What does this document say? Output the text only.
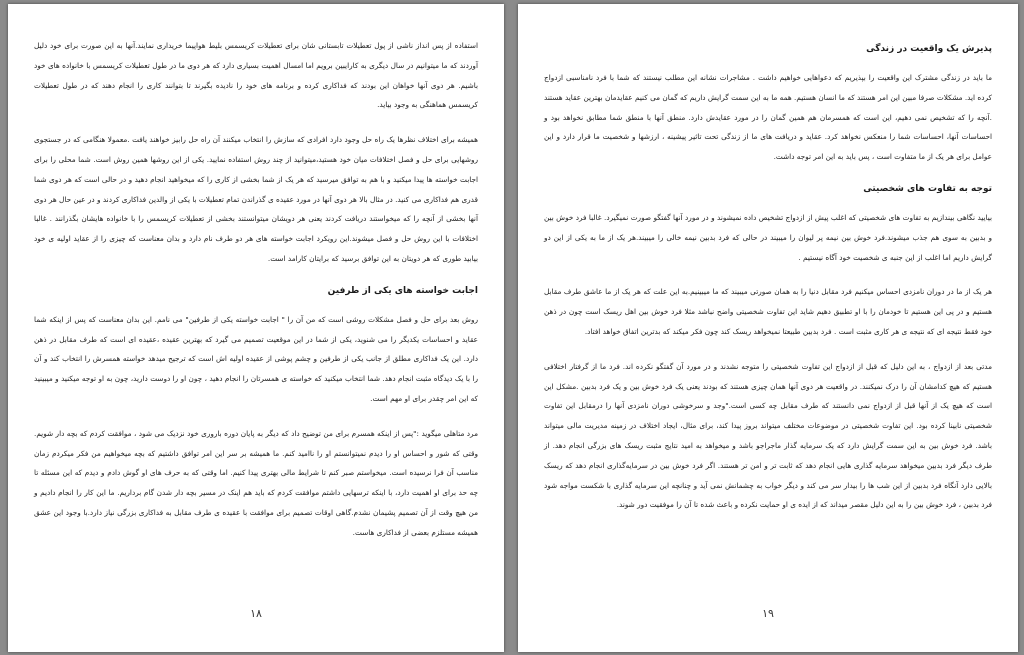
استفاده از پس انداز ناشی از پول تعطیلات تابستانی شان برای تعطیلات کریسمس بلیط هواپیما خریداری نمایند.آنها به این صورت برای خود دلیل آوردند که ما میتوانیم در سال دیگری به کارایبین برویم اما امسال اهمیت بسیاری دارد که هر دوی ما در طول تعطیلات کریسمس با خانواده های خود باشیم. هر دوی آنها خواهان این بودند که فداکاری کرده و برنامه های خود را نادیده بگیرند تا بتوانند کاری را انجام دهند که در طول تعطیلات کریسمس هماهنگی به وجود بیاید.

همیشه برای اختلاف نظرها یک راه حل وجود دارد افرادی که سازش را انتخاب میکنند آن راه حل رابیز خواهند یافت .معمولا هنگامی که در جستجوی روشهایی برای حل و فصل اختلافات میان خود هستید،میتوانید از چند روش استفاده نمایید. یکی از این روشها همین روش است. شما محلی را برای اجابت خواسته ها پیدا میکنید و با هم به توافق میرسید که هر یک از شما بخشی از کاری را که میخواهید انجام دهید و در حالی است که هر دوی شما قدری هم فداکاری می کنید. در مثال بالا هر دوی آنها در مورد عقیده ی گذراندن تمام تعطیلات با یکی از والدین فداکاری کردند و در عین حال هر دوی آنها بخشی از آنچه را که میخواستند دریافت کردند یعنی هر دویشان میتوانستند بخشی از تعطیلات کریسمس را با خانواده هایشان بگذرانند . غالبا اختلافات با این روش حل و فصل میشوند.این رویکرد اجابت خواسته های هر دو طرف نام دارد و بدان معناست که چیزی را از عقاید اولیه ی خود بیابید طوری که هر دویتان به این توافق برسید که برایتان کارامد است.

اجابت خواسته های یکی از طرفین

روش بعد برای حل و فصل مشکلات روشی است که من آن را " اجابت خواسته یکی از طرفین" می نامم. این بدان معناست که پس از اینکه شما عقاید و احساسات یکدیگر را می شنوید، یکی از شما در این موقعیت تصمیم می گیرد که بهترین عقیده ،عقیده ای است که طرف مقابل در ذهن دارد. این یک فداکاری مطلق از جانب یکی از طرفین و چشم پوشی از عقیده اولیه اش است که ترجیح میدهد خواسته همسرش را انتخاب کند و آن را با یک دیدگاه مثبت انجام دهد. شما انتخاب میکنید که خواسته ی همسرتان را انجام دهید ، چون او را دوست دارید، چون به او توجه میکنید و میبینید که این امر چقدر برای او مهم است.

مرد متاهلی میگوید :"پس از اینکه همسرم برای من توضیح داد که دیگر به پایان دوره باروری خود نزدیک می شود ، موافقت کردم که بچه دار شویم. وقتی که شور و احساس او را دیدم نمیتوانستم او را ناامید کنم. ما همیشه بر سر این امر توافق داشتیم که بچه میخواهیم من فکر میکردم زمان مناسب آن فرا نرسیده است. میخواستم صبر کنم تا شرایط مالی بهتری پیدا کنیم. اما وقتی که به حرف های او گوش دادم و دیدم که این مسئله تا چه حد برای او اهمیت دارد، با اینکه ترسهایی داشتم موافقت کردم که باید هم اینک در مسیر بچه دار شدن گام برداریم. ما این کار را انجام دادیم و من هیچ وقت از آن تصمیم پشیمان نشدم.گاهی اوقات تصمیم برای موافقت با عقیده ی طرف مقابل به فداکاری بزرگی نیاز دارد.با وجود این عشق همیشه مستلزم بعضی از فداکاری هاست.

۱۸
پذیرش یک واقعیت در زندگی

ما باید در زندگی مشترک این واقعیت را بپذیریم که دعواهایی خواهیم داشت . مشاجرات نشانه این مطلب نیستند که شما با فرد نامناسبی ازدواج کرده اید. مشکلات صرفا مبین این امر هستند که ما انسان هستیم. همه ما به این سمت گرایش داریم که گمان می کنیم عقایدمان بهترین عقاید هستند .آنچه را که تشخیص نمی دهیم، این است که همسرمان هم همین گمان را در مورد عقایدش دارد. منطق آنها با منطق شما مطابق نخواهد بود و احساسات آنها، احساسات شما را منعکس نخواهد کرد. عقاید و دریافت های ما از زندگی تحت تاثیر پیشینه ، ارزشها و شخصیت ما قرار دارد و این عوامل برای هر یک از ما متفاوت است ، پس باید به این امر توجه داشت.

توجه به تفاوت های شخصیتی

بیایید نگاهی بیندازیم به تفاوت های شخصیتی که اغلب پیش از ازدواج تشخیص داده نمیشوند و در مورد آنها گفتگو صورت نمیگیرد. غالبا فرد خوش بین و بدبین به سوی هم جذب میشوند.فرد خوش بین نیمه پر لیوان را میبیند در حالی که فرد بدبین نیمه خالی را میبیند.هر یک از ما به یکی از این دو گرایش داریم اما اغلب از این جنبه ی شخصیت خود آگاه نیستیم .

هر یک از ما در دوران نامزدی احساس میکنیم فرد مقابل دنیا را به همان صورتی میبیند که ما میبینیم.به این علت که هر یک از ما عاشق طرف مقابل هستیم و در پی این هستیم تا خودمان را با او تطبیق دهیم شاید این تفاوت شخصیتی واضح نباشد مثلا فرد خوش بین اهل ریسک است چون در ذهن خود فقط نتیجه ای که نتیجه ی هر کاری مثبت است . فرد بدبین طبیعتا نمیخواهد ریسک کند چون فکر میکند که بدترین اتفاق خواهد افتاد.

مدتی بعد از ازدواج ، به این دلیل که قبل از ازدواج این تفاوت شخصیتی را متوجه نشدند و در مورد آن گفتگو نکرده اند. فرد ما از گرفتار اختلافی هستیم که هیچ کدامشان آن را درک نمیکنند. در واقعیت هر دوی آنها همان چیزی هستند که بودند یعنی یک فرد خوش بین و یک فرد بدبین .مشکل این است که هیچ یک از آنها قبل از ازدواج نمی دانستند که طرف مقابل چه کسی است."وجد و سرخوشی دوران نامزدی آنها را درمقابل این تفاوت شخصیتی نابینا کرده بود. این تفاوت شخصیتی در موضوعات مختلف میتواند بروز پیدا کند، برای مثال، ایجاد اختلاف در زمینه مدیریت مالی میتواند باشد. فرد خوش بین به این سمت گرایش دارد که یک سرمایه گذار ماجراجو باشد و میخواهد به امید نتایج مثبت ریسک های بزرگی انجام دهد. از طرف دیگر فرد بدبین میخواهد سرمایه گذاری هایی انجام دهد که ثابت تر و امن تر هستند. اگر فرد خوش بین در سرمایه‌گذاری انجام دهد که ریسک بالایی دارد آنگاه فرد بدبین از این شب ها را بیدار سر می کند و دیگر خواب به چشمانش نمی آید و چنانچه این سرمایه گذاری با شکست مواجه شود فرد بدبین ، فرد خوش بین را به این دلیل مقصر میداند که از ایده ی او حمایت نکرده و باعث شده تا آن را موفقیت دور شوند.

۱۹
